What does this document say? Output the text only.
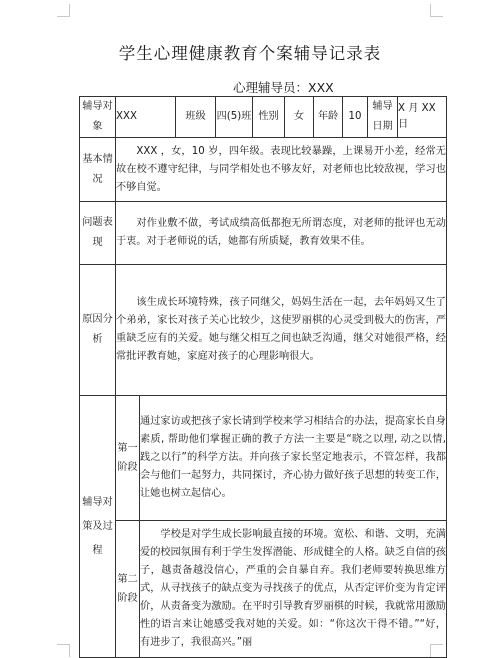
学生心理健康教育个案辅导记录表
心理辅导员：XXX
辅导对象	XXX		班级	四(5)班	性别	女	年龄	10	辅导日期	X 月 XX 日
基本情况	XXX ，女，10 岁，四年级。表现比较暴躁，上课易开小差，经常无故在校不遵守纪律，与同学相处也不够友好，对老师也比较敌视，学习也不够自觉。									
问题表现	对作业敷不做，考试成绩高低都抱无所谓态度，对老师的批评也无动于衷。对于老师说的话，她都有所质疑，教育效果不佳。									
原因分析	该生成长环境特殊，孩子同继父，妈妈生活在一起，去年妈妈又生了个弟弟，家长对孩子关心比较少，这使罗丽棋的心灵受到极大的伤害，严重缺乏应有的关爱。她与继父相互之间也缺乏沟通，继父对她很严格，经常批评教育她，家庭对孩子的心理影响很大。									
辅导对策及过程	第一阶段	通过家访或把孩子家长请到学校来学习相结合的办法，提高家长自身素质, 帮助他们掌握正确的教子方法一主要是“晓之以理, 动之以情, 践之以行”的科学方法。并向孩子家长坚定地表示，不管怎样，我都会与他们一起努力，共同探讨，齐心协力做好孩子思想的转变工作，让她也树立起信心。								
	第二阶段	学校是对学生成长影响最直接的环境。宽松、和谐、文明，充满爱的校园氛围有利于学生发挥潜能、形成健全的人格。缺乏自信的孩子，越责备越没信心，严重的会自暴自弃。我们老师要转换思维方式，从寻找孩子的缺点变为寻找孩子的优点，从否定评价变为肯定评价，从责备变为激励。在平时引导教育罗丽棋的时候，我就常用激励性的语言来让她感受我对她的关爱。如：“你这次干得不错。”“好，有进步了，我很高兴。”丽								
